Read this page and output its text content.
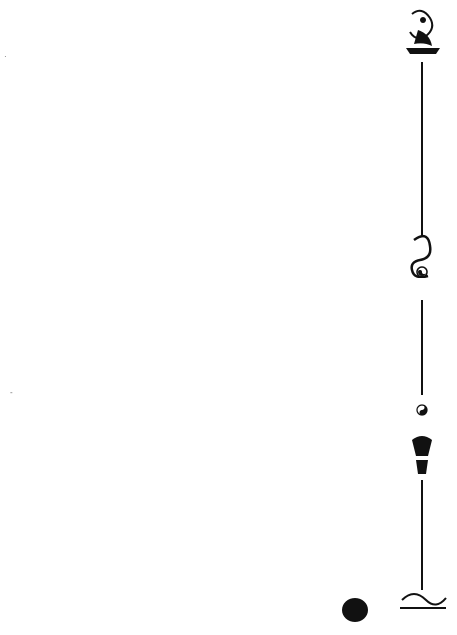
·
-
